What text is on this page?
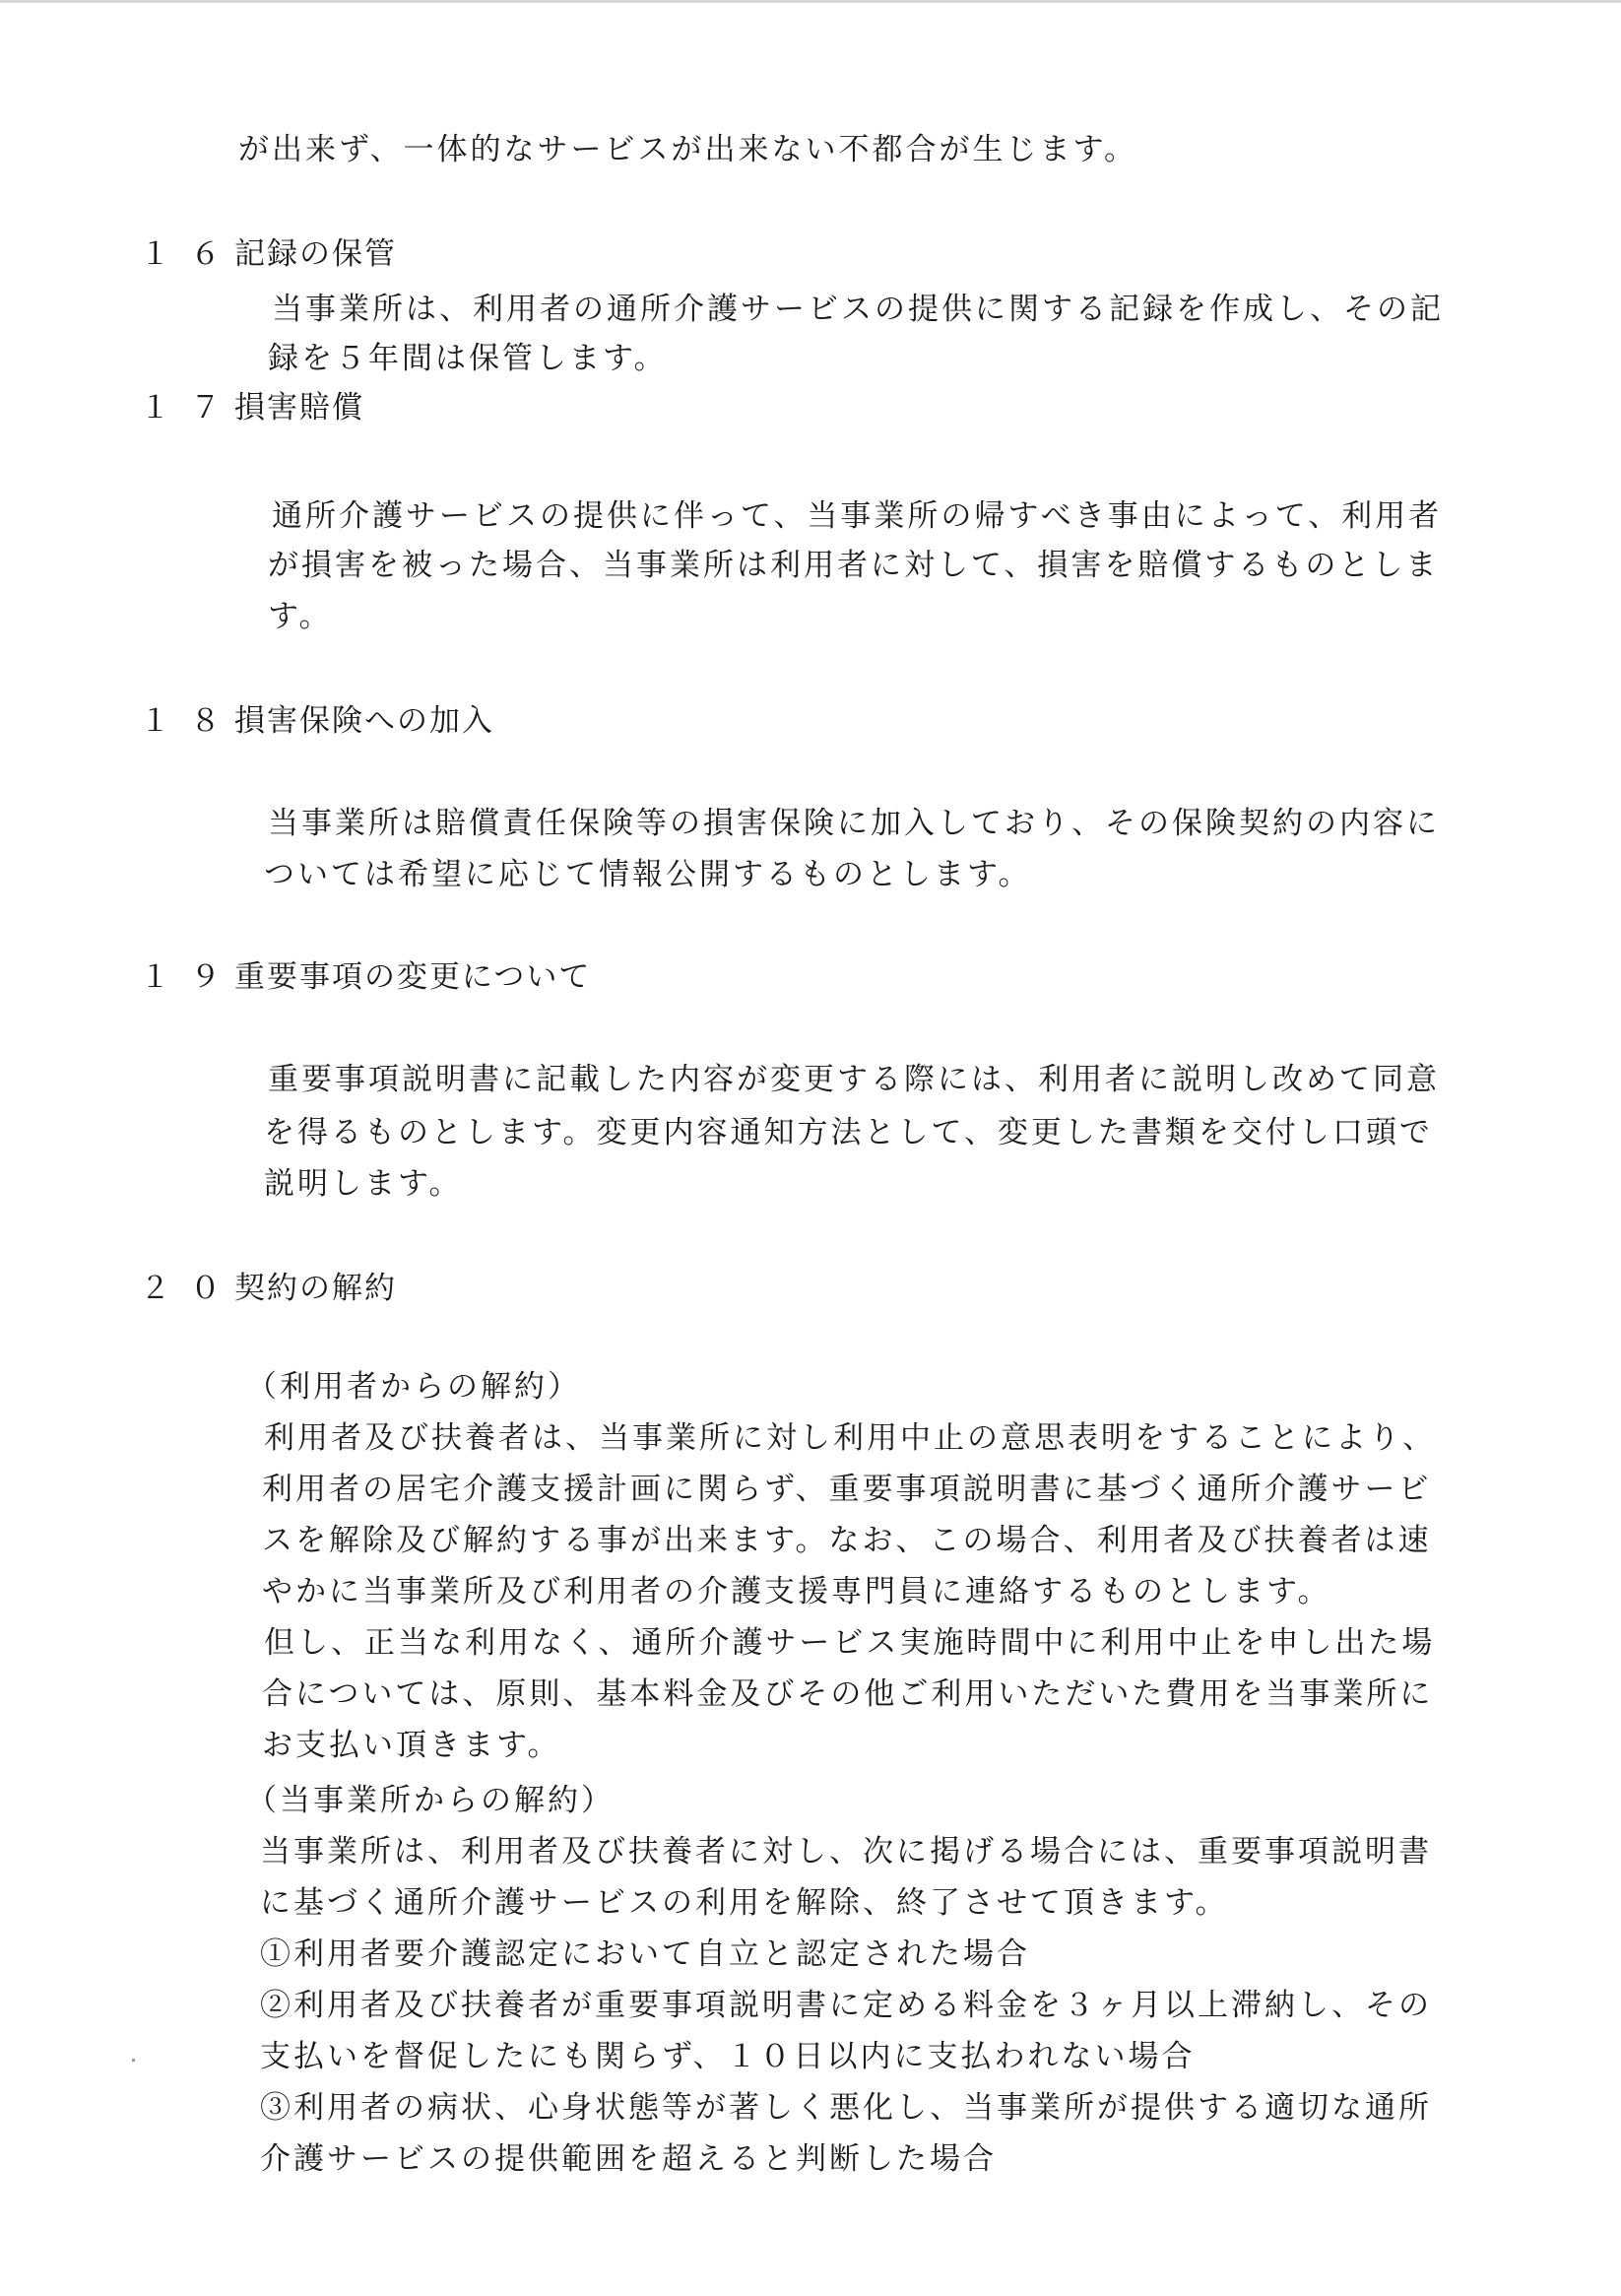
が出来ず、一体的なサービスが出来ない不都合が生じます。
１６記録の保管
当事業所は、利用者の通所介護サービスの提供に関する記録を作成し、その記
録を５年間は保管します。
１７損害賠償
通所介護サービスの提供に伴って、当事業所の帰すべき事由によって、利用者
が損害を被った場合、当事業所は利用者に対して、損害を賠償するものとしま
す。
１８損害保険への加入
当事業所は賠償責任保険等の損害保険に加入しており、その保険契約の内容に
ついては希望に応じて情報公開するものとします。
１９重要事項の変更について
重要事項説明書に記載した内容が変更する際には、利用者に説明し改めて同意
を得るものとします。変更内容通知方法として、変更した書類を交付し口頭で
説明します。
２０契約の解約
（利用者からの解約）
利用者及び扶養者は、当事業所に対し利用中止の意思表明をすることにより、
利用者の居宅介護支援計画に関らず、重要事項説明書に基づく通所介護サービ
スを解除及び解約する事が出来ます。なお、この場合、利用者及び扶養者は速
やかに当事業所及び利用者の介護支援専門員に連絡するものとします。
但し、正当な利用なく、通所介護サービス実施時間中に利用中止を申し出た場
合については、原則、基本料金及びその他ご利用いただいた費用を当事業所に
お支払い頂きます。
（当事業所からの解約）
当事業所は、利用者及び扶養者に対し、次に掲げる場合には、重要事項説明書
に基づく通所介護サービスの利用を解除、終了させて頂きます。
①利用者要介護認定において自立と認定された場合
②利用者及び扶養者が重要事項説明書に定める料金を３ヶ月以上滞納し、その
支払いを督促したにも関らず、１０日以内に支払われない場合
③利用者の病状、心身状態等が著しく悪化し、当事業所が提供する適切な通所
介護サービスの提供範囲を超えると判断した場合
